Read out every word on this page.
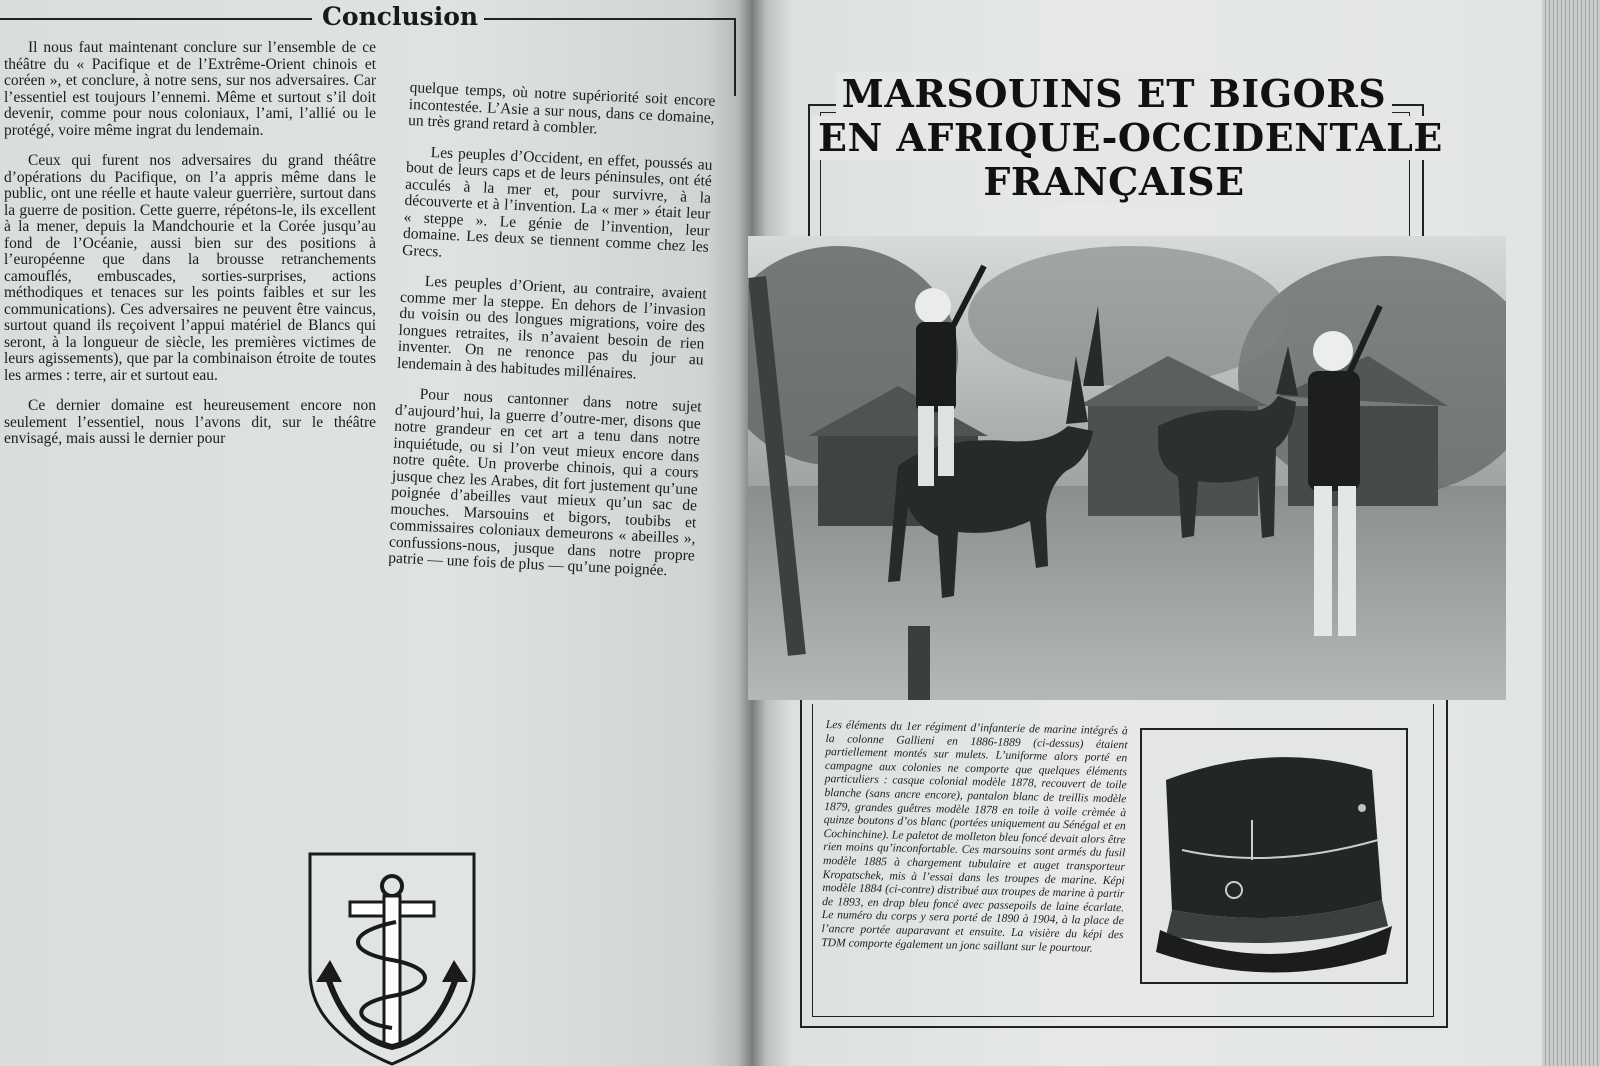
Conclusion

Il nous faut maintenant conclure sur l’ensemble de ce théâtre du « Pacifique et de l’Extrême-Orient chinois et coréen », et conclure, à notre sens, sur nos adversaires. Car l’essentiel est toujours l’ennemi. Même et surtout s’il doit devenir, comme pour nous coloniaux, l’ami, l’allié ou le protégé, voire même ingrat du lendemain.

Ceux qui furent nos adversaires du grand théâtre d’opérations du Pacifique, on l’a appris même dans le public, ont une réelle et haute valeur guerrière, surtout dans la guerre de position. Cette guerre, répétons-le, ils excellent à la mener, depuis la Mandchourie et la Corée jusqu’au fond de l’Océanie, aussi bien sur des positions à l’européenne que dans la brousse retranchements camouflés, embuscades, sorties-surprises, actions méthodiques et tenaces sur les points faibles et sur les communications). Ces adversaires ne peuvent être vaincus, surtout quand ils reçoivent l’appui matériel de Blancs qui seront, à la longueur de siècle, les premières victimes de leurs agissements), que par la combinaison étroite de toutes les armes : terre, air et surtout eau.

Ce dernier domaine est heureusement encore non seulement l’essentiel, nous l’avons dit, sur le théâtre envisagé, mais aussi le dernier pour

quelque temps, où notre supériorité soit encore incontestée. L’Asie a sur nous, dans ce domaine, un très grand retard à combler.

Les peuples d’Occident, en effet, poussés au bout de leurs caps et de leurs péninsules, ont été acculés à la mer et, pour survivre, à la découverte et à l’invention. La « mer » était leur « steppe ». Le génie de l’invention, leur domaine. Les deux se tiennent comme chez les Grecs.

Les peuples d’Orient, au contraire, avaient comme mer la steppe. En dehors de l’invasion du voisin ou des longues migrations, voire des longues retraites, ils n’avaient besoin de rien inventer. On ne renonce pas du jour au lendemain à des habitudes millénaires.

Pour nous cantonner dans notre sujet d’aujourd’hui, la guerre d’outre-mer, disons que notre grandeur en cet art a tenu dans notre inquiétude, ou si l’on veut mieux encore dans notre quête. Un proverbe chinois, qui a cours jusque chez les Arabes, dit fort justement qu’une poignée d’abeilles vaut mieux qu’un sac de mouches. Marsouins et bigors, toubibs et commissaires coloniaux demeurons « abeilles », confussions-nous, jusque dans notre propre patrie — une fois de plus — qu’une poignée.

MARSOUINS ET BIGORS
EN AFRIQUE-OCCIDENTALE
FRANÇAISE

Les éléments du 1er régiment d’infanterie de marine intégrés à la colonne Gallieni en 1886-1889 (ci-dessus) étaient partiellement montés sur mulets. L’uniforme alors porté en campagne aux colonies ne comporte que quelques éléments particuliers : casque colonial modèle 1878, recouvert de toile blanche (sans ancre encore), pantalon blanc de treillis modèle 1879, grandes guêtres modèle 1878 en toile à voile crèmée à quinze boutons d’os blanc (portées uniquement au Sénégal et en Cochinchine). Le paletot de molleton bleu foncé devait alors être rien moins qu’inconfortable. Ces marsouins sont armés du fusil modèle 1885 à chargement tubulaire et auget transporteur Kropatschek, mis à l’essai dans les troupes de marine. Képi modèle 1884 (ci-contre) distribué aux troupes de marine à partir de 1893, en drap bleu foncé avec passepoils de laine écarlate. Le numéro du corps y sera porté de 1890 à 1904, à la place de l’ancre portée auparavant et ensuite. La visière du képi des TDM comporte également un jonc saillant sur le pourtour.
